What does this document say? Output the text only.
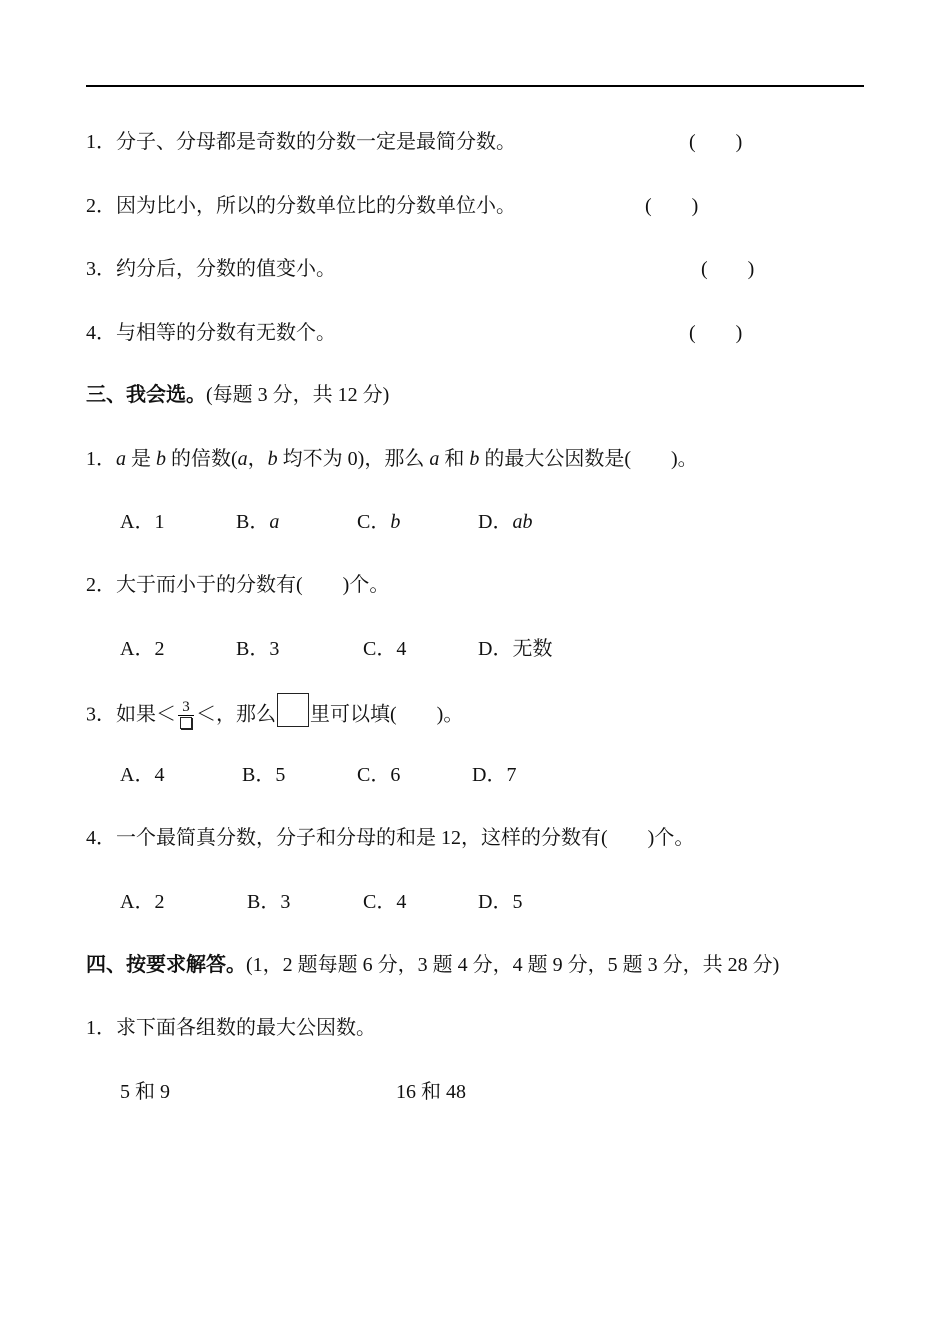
1．分子、分母都是奇数的分数一定是最简分数。	(　　)
2．因为比小，所以的分数单位比的分数单位小。	(　　)
3．约分后，分数的值变小。	(　　)
4．与相等的分数有无数个。	(　　)
三、我会选。(每题 3 分，共 12 分)
1．a 是 b 的倍数(a，b 均不为 0)，那么 a 和 b 的最大公因数是(　　)。
A．1	B．a	C．b	D．ab
2．大于而小于的分数有(　　)个。
A．2	B．3	C．4	D．无数
3．如果＜ 3 ＜，那么 里可以填(　　)。
A．4	B．5	C．6	D．7
4．一个最简真分数，分子和分母的和是 12，这样的分数有(　　)个。
A．2	B．3	C．4	D．5
四、按要求解答。(1，2 题每题 6 分，3 题 4 分，4 题 9 分，5 题 3 分，共 28 分)
1．求下面各组数的最大公因数。
5 和 9	16 和 48
